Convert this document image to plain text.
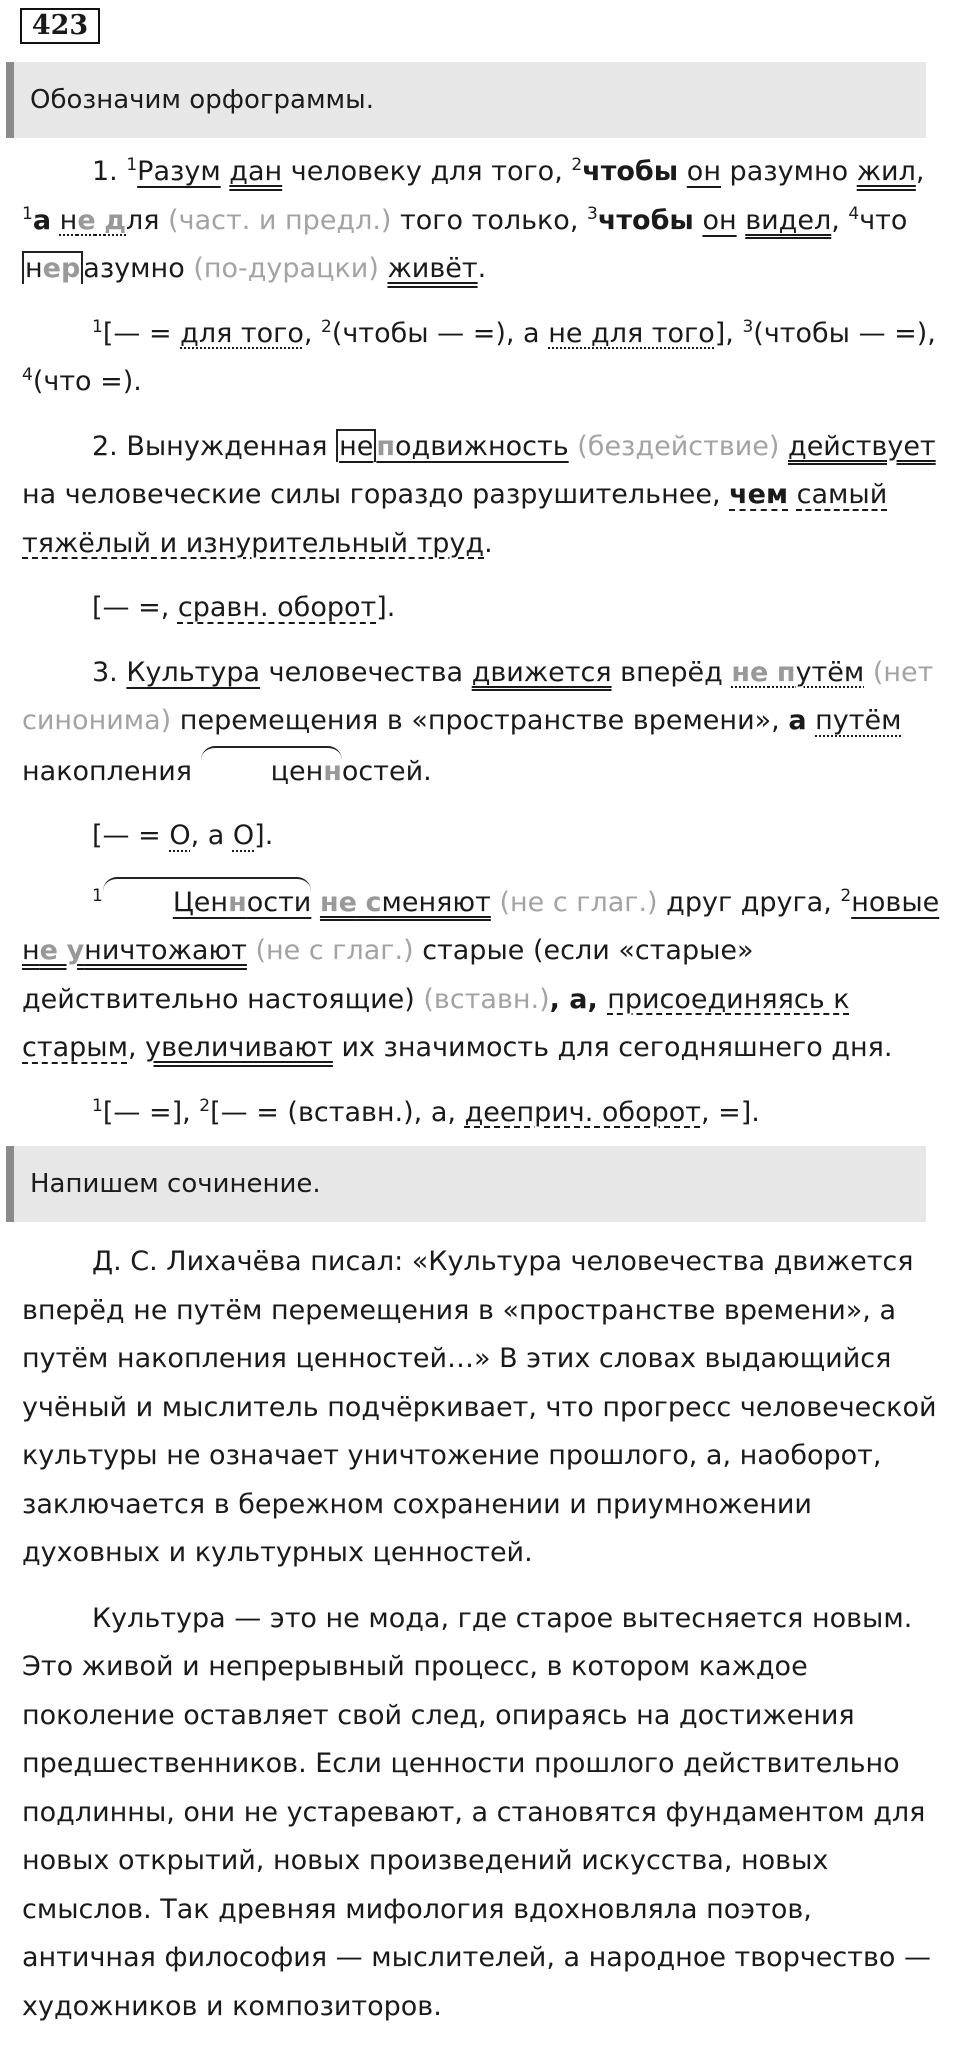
423
Обозначим орфограммы.

1. $^1$Разум дан человеку для того, $^2$чтобы он разумно жил, $^1$а не для (част. и предл.) того только, $^3$чтобы он видел, $^4$что нер азумно (по-дурацки) живёт.

$^1$[— = для того, $^2$(чтобы — =), а не для того], $^3$(чтобы — =), $^4$(что =).

2. Вынужденная не подвижность (бездействие) действует на человеческие силы гораздо разрушительнее, чем самый тяжёлый и изнурительный труд.

[— =, сравн. оборот].

3. Культура человечества движется вперёд не путём (нет синонима) перемещения в «пространстве времени», а путём накопления	ценностей.

[— = О, а О].

$^1$	Ценности не сменяют (не с глаг.) друг друга, $^2$новые не уничтожают (не с глаг.) старые (если «старые» действительно настоящие) (вставн.), а, присоединяясь к старым, увеличивают их значимость для сегодняшнего дня.

$^1$[— =], $^2$[— = (вставн.), а, дееприч. оборот, =].

Напишем сочинение.

Д. С. Лихачёва писал: «Культура человечества движется вперёд не путём перемещения в «пространстве времени», а путём накопления ценностей…» В этих словах выдающийся учёный и мыслитель подчёркивает, что прогресс человеческой культуры не означает уничтожение прошлого, а, наоборот, заключается в бережном сохранении и приумножении духовных и культурных ценностей.

Культура — это не мода, где старое вытесняется новым. Это живой и непрерывный процесс, в котором каждое поколение оставляет свой след, опираясь на достижения предшественников. Если ценности прошлого действительно подлинны, они не устаревают, а становятся фундаментом для новых открытий, новых произведений искусства, новых смыслов. Так древняя мифология вдохновляла поэтов, античная философия — мыслителей, а народное творчество — художников и композиторов.
